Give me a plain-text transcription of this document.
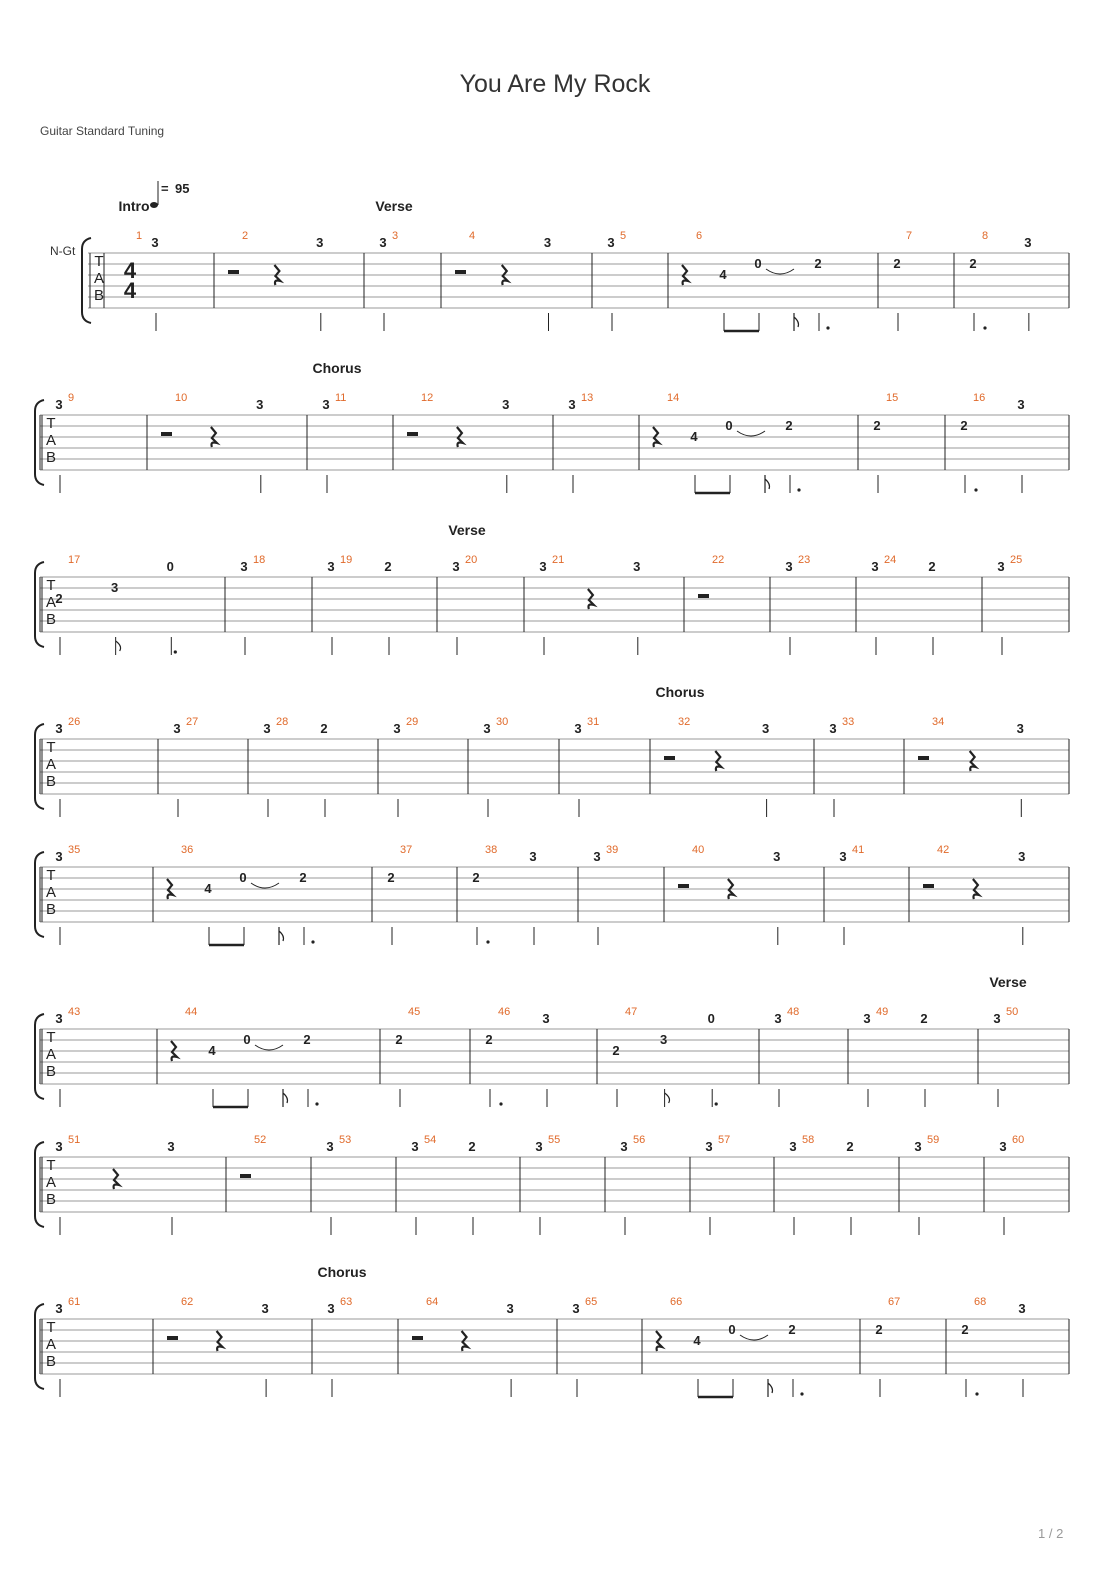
You Are My Rock
Guitar Standard Tuning
1 / 2
T
A
B
1 3	2	3	3
3	4	3	5
3	6
4
0	2
7
2
8
2
3
Intro	Verse
T
A
B
9
3	10	3	11
3	12	3	13
3	14
4
0	2
15
2
16
2
3
Chorus
T
A
B
17
2
3
0	18
3	19
3	2	20
3	21
3	3	22	23
3	24
3	2	25
3
Verse
T
A
B
26
3	27
3	28
3	2	29
3	30
3	31
3	32	3	33
3	34	3
Chorus
T
A
B
35
3	36
4
0	2
37
2
38
2
3	39
3	40	3	41
3	42	3
T
A
B
43
3	44
4
0	2
45
2
46
2
3	47
2
3
0	48
3	49
3	2	50
3
Verse
T
A
B
51
3	3	52	53
3	54
3	2	55
3	56
3	57
3	58
3	2	59
3	60
3
T
A
B
61
3	62	3	63
3	64	3	65
3	66
4
0	2
67
2
68
2
3
Chorus
N-Gt
4
4
= 95
